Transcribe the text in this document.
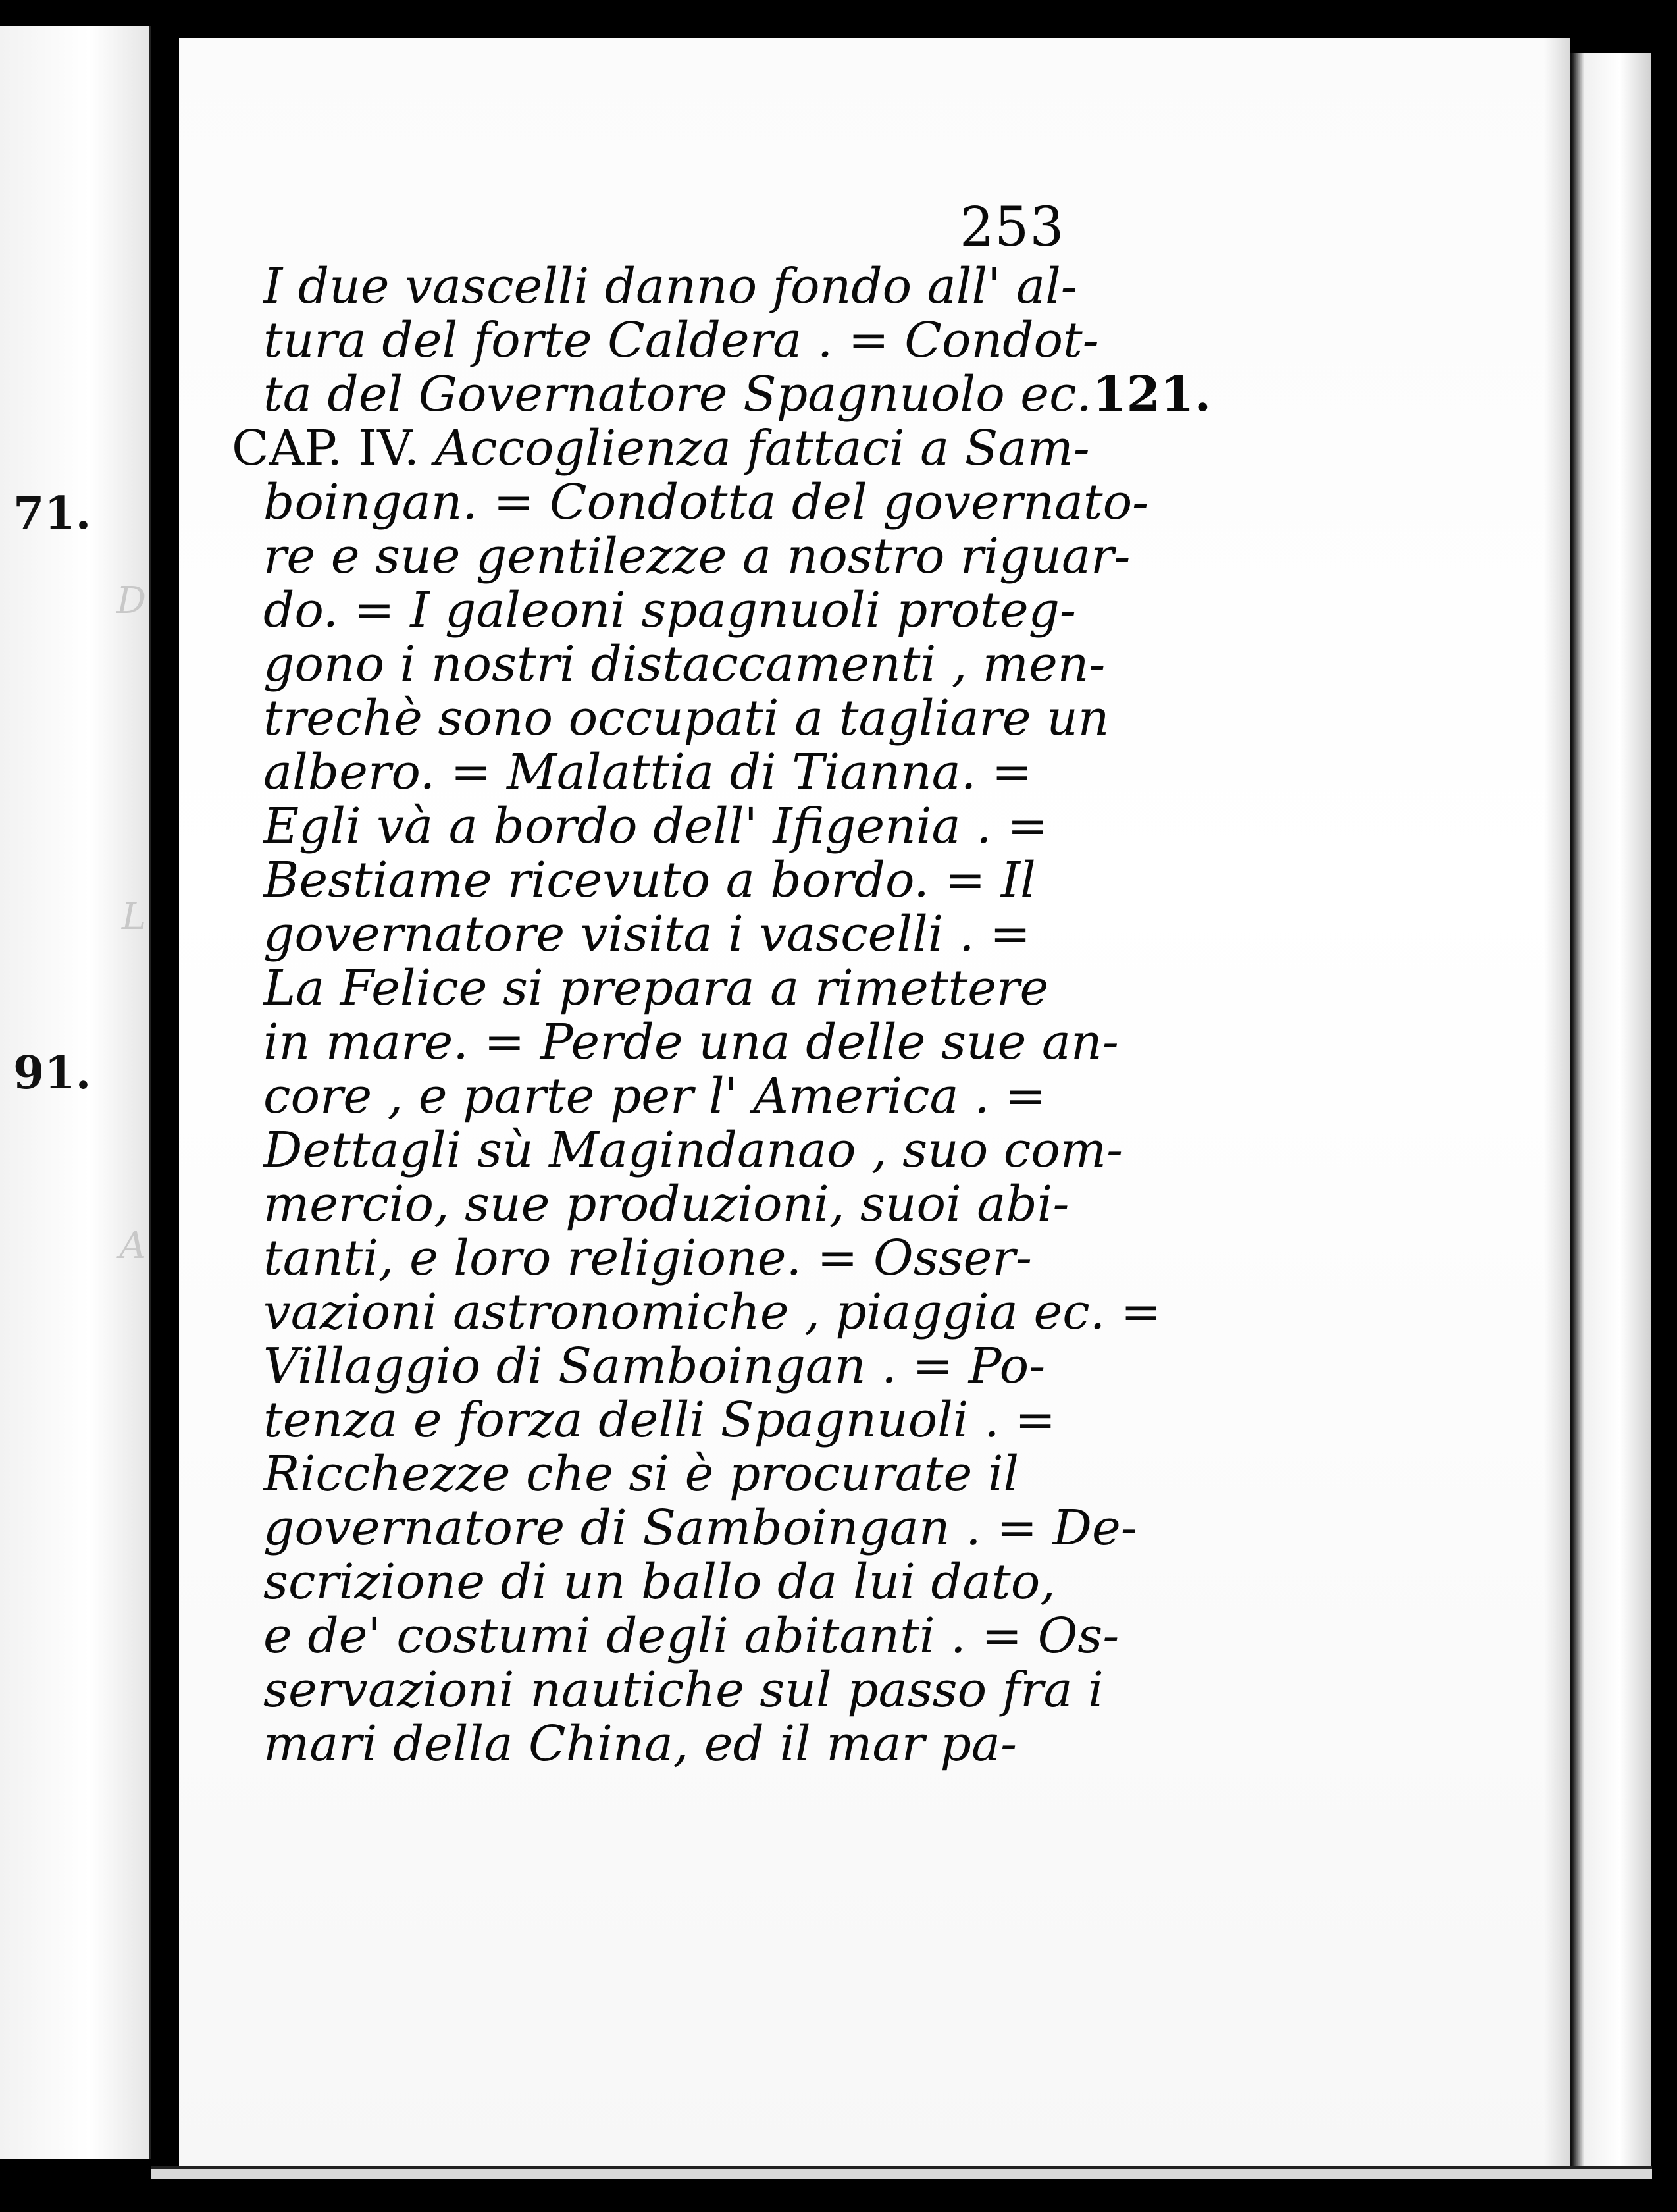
D
L
A
71.
91.
253
I due vascelli danno fondo all' al-
tura del forte Caldera . = Condot-
ta del Governatore Spagnuolo ec. 121.
CAP. IV. Accoglienza fattaci a Sam-
boingan. = Condotta del governato-
re e sue gentilezze a nostro riguar-
do. = I galeoni spagnuoli proteg-
gono i nostri distaccamenti , men-
trechè sono occupati a tagliare un
albero. = Malattia di Tianna. =
Egli và a bordo dell' Ifigenia . =
Bestiame ricevuto a bordo. = Il
governatore visita i vascelli . =
La Felice si prepara a rimettere
in mare. = Perde una delle sue an-
core , e parte per l' America . =
Dettagli sù Magindanao , suo com-
mercio, sue produzioni, suoi abi-
tanti, e loro religione. = Osser-
vazioni astronomiche , piaggia ec. =
Villaggio di Samboingan . = Po-
tenza e forza delli Spagnuoli . =
Ricchezze che si è procurate il
governatore di Samboingan . = De-
scrizione di un ballo da lui dato,
e de' costumi degli abitanti . = Os-
servazioni nautiche sul passo fra i
mari della China, ed il mar pa-
